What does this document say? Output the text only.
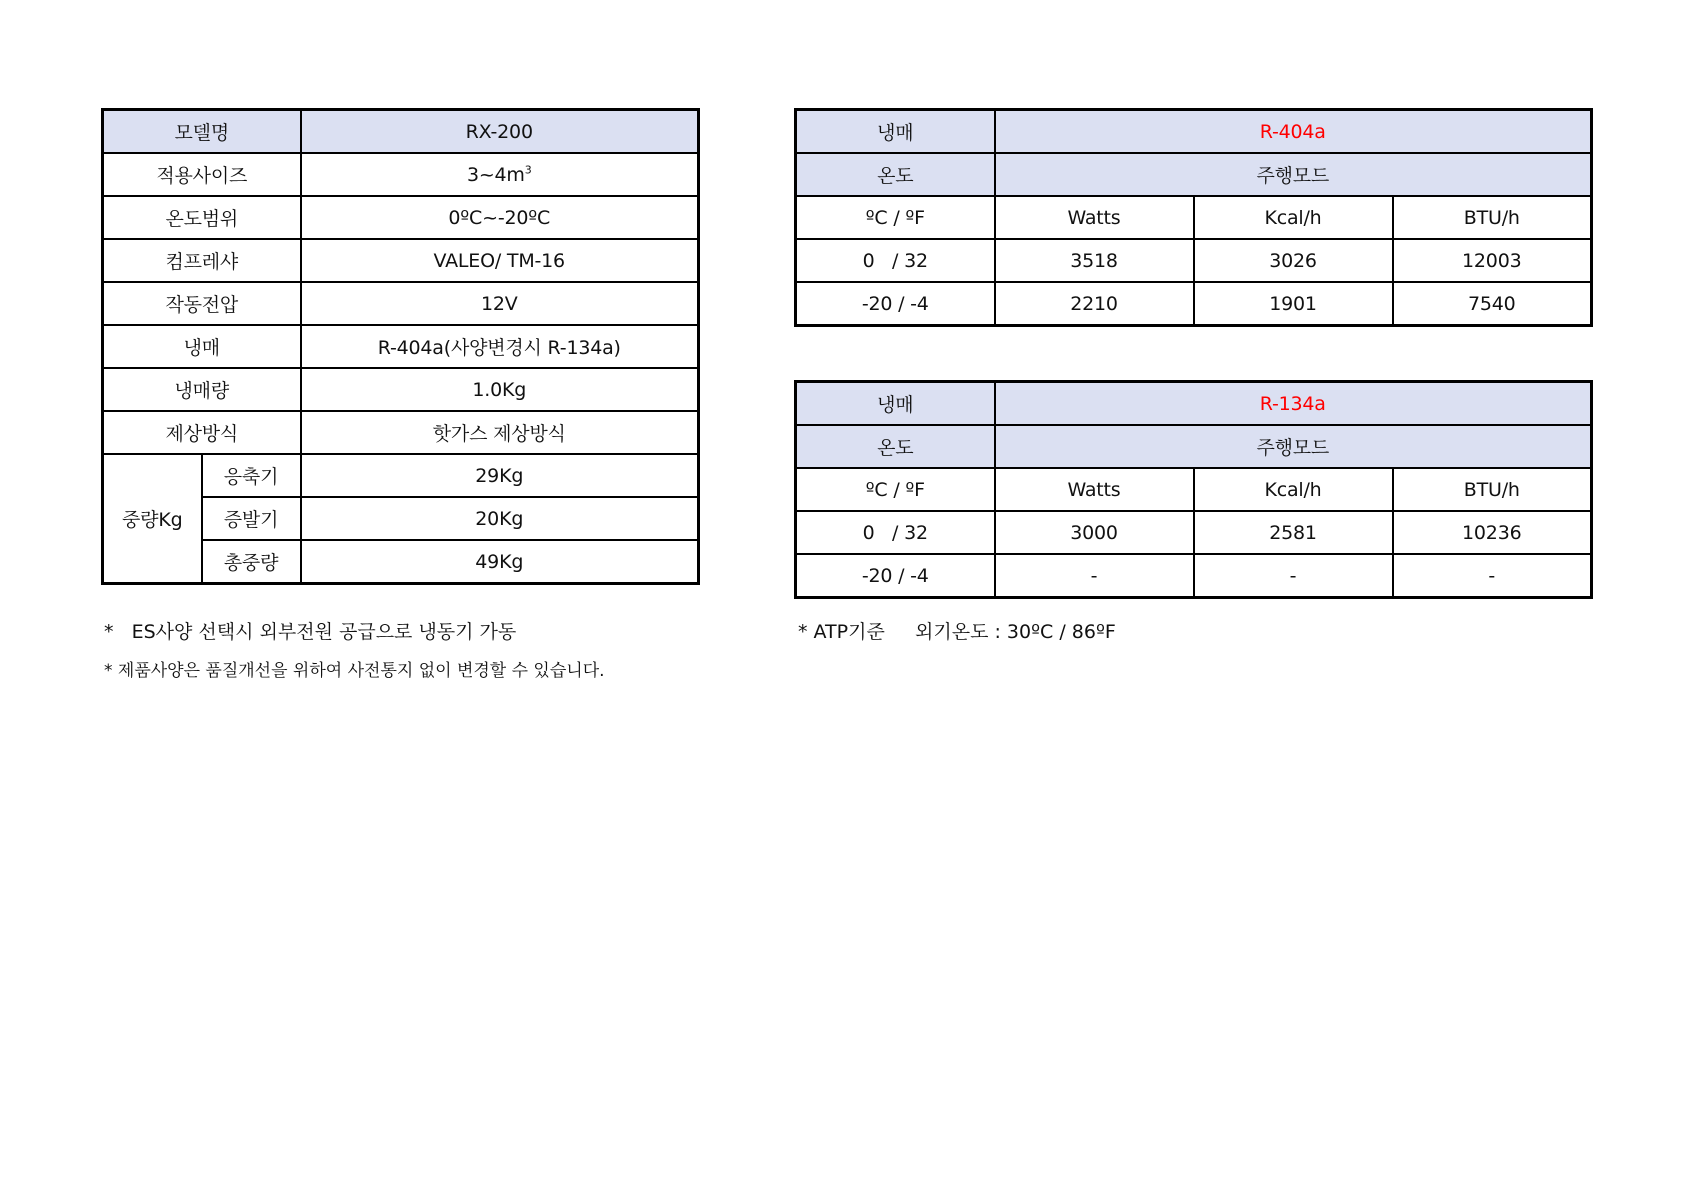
모델명		RX-200
적용사이즈		$3\sim 4m^3$
온도범위		0ºC~-20ºC
컴프레샤		VALEO/ TM-16
작동전압		12V
냉매		R-404a(사양변경시 R-134a)
냉매량		1.0Kg
제상방식		핫가스 제상방식
중량Kg	응축기	29Kg
	증발기	20Kg
	총중량	49Kg
냉매	R-404a		
온도	주행모드		
ºC / ºF	Watts	Kcal/h	BTU/h
0   / 32	3518	3026	12003
-20 / -4	2210	1901	7540
냉매	R-134a		
온도	주행모드		
ºC / ºF	Watts	Kcal/h	BTU/h
0   / 32	3000	2581	10236
-20 / -4	-	-	-
*   ES사양 선택시 외부전원 공급으로 냉동기 가동
* 제품사양은 품질개선을 위하여 사전통지 없이 변경할 수 있습니다.
* ATP기준     외기온도 : 30ºC / 86ºF
